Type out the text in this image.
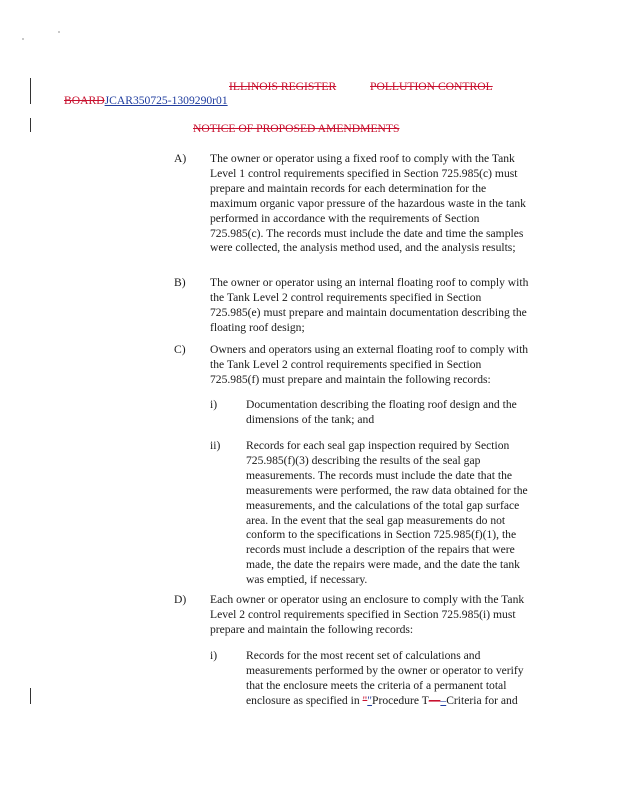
ILLINOIS REGISTER	POLLUTION CONTROL
BOARDJCAR350725-1309290r01
NOTICE OF PROPOSED AMENDMENTS
A) The owner or operator using a fixed roof to comply with the Tank Level 1 control requirements specified in Section 725.985(c) must prepare and maintain records for each determination for the maximum organic vapor pressure of the hazardous waste in the tank performed in accordance with the requirements of Section 725.985(c). The records must include the date and time the samples were collected, the analysis method used, and the analysis results;

B) The owner or operator using an internal floating roof to comply with the Tank Level 2 control requirements specified in Section 725.985(e) must prepare and maintain documentation describing the floating roof design;

C) Owners and operators using an external floating roof to comply with the Tank Level 2 control requirements specified in Section 725.985(f) must prepare and maintain the following records:

i) Documentation describing the floating roof design and the dimensions of the tank; and

ii) Records for each seal gap inspection required by Section 725.985(f)(3) describing the results of the seal gap measurements. The records must include the date that the measurements were performed, the raw data obtained for the measurements, and the calculations of the total gap surface area. In the event that the seal gap measurements do not conform to the specifications in Section 725.985(f)(1), the records must include a description of the repairs that were made, the date the repairs were made, and the date the tank was emptied, if necessary.

D) Each owner or operator using an enclosure to comply with the Tank Level 2 control requirements specified in Section 725.985(i) must prepare and maintain the following records:

i) Records for the most recent set of calculations and measurements performed by the owner or operator to verify that the enclosure meets the criteria of a permanent total enclosure as specified in ""Procedure T—–Criteria for and
